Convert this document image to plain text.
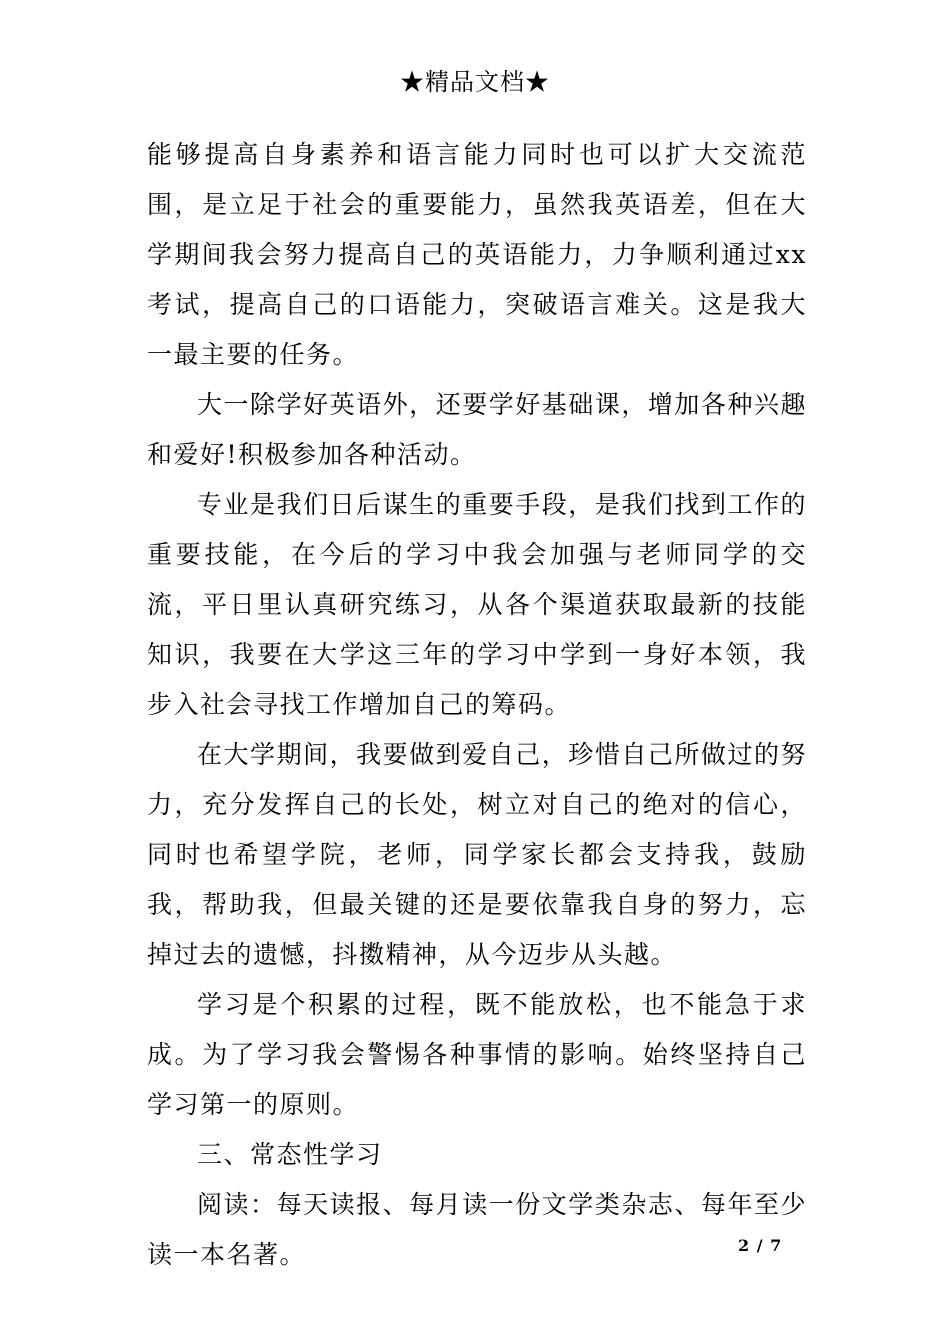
★精品文档★

能够提高自身素养和语言能力同时也可以扩大交流范围，是立足于社会的重要能力，虽然我英语差，但在大学期间我会努力提高自己的英语能力，力争顺利通过xx考试，提高自己的口语能力，突破语言难关。这是我大一最主要的任务。

大一除学好英语外，还要学好基础课，增加各种兴趣和爱好!积极参加各种活动。

专业是我们日后谋生的重要手段，是我们找到工作的重要技能，在今后的学习中我会加强与老师同学的交流，平日里认真研究练习，从各个渠道获取最新的技能知识，我要在大学这三年的学习中学到一身好本领，我步入社会寻找工作增加自己的筹码。

在大学期间，我要做到爱自己，珍惜自己所做过的努力，充分发挥自己的长处，树立对自己的绝对的信心，同时也希望学院，老师，同学家长都会支持我，鼓励我，帮助我，但最关键的还是要依靠我自身的努力，忘掉过去的遗憾，抖擞精神，从今迈步从头越。

学习是个积累的过程，既不能放松，也不能急于求成。为了学习我会警惕各种事情的影响。始终坚持自己学习第一的原则。

三、常态性学习

阅读：每天读报、每月读一份文学类杂志、每年至少读一本名著。	2 / 7
